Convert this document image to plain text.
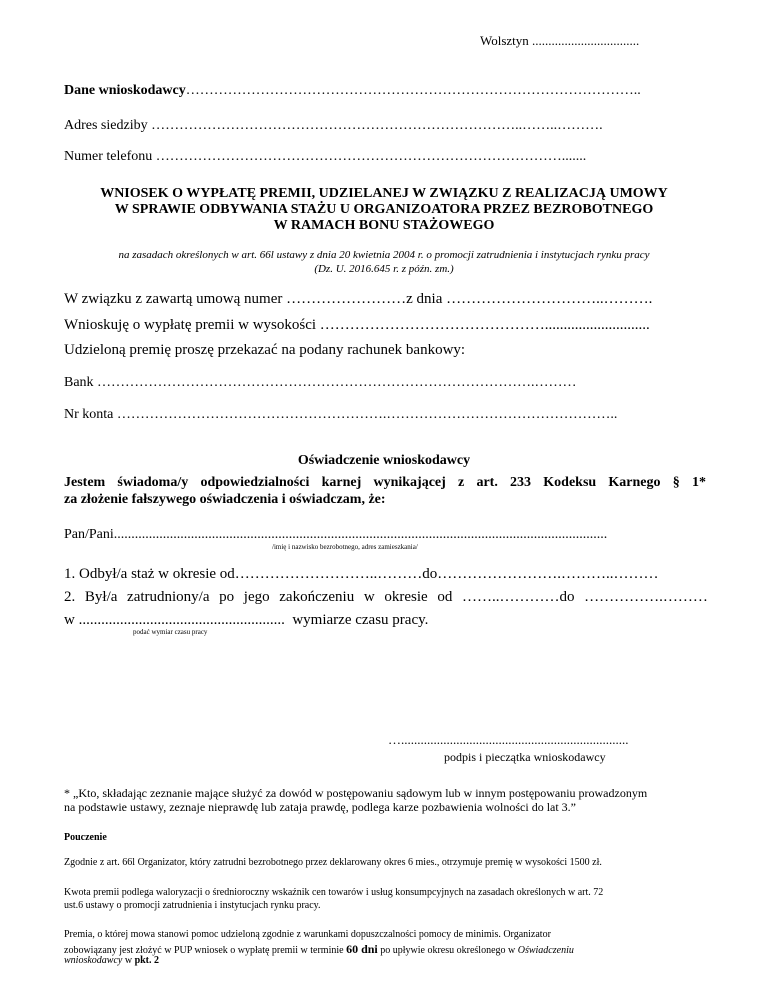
Wolsztyn .................................
Dane wnioskodawcy……………………………………………………………………………………..
Adres siedziby ……………………………………………………………………..……..……….
Numer telefonu …………………………………………………………………………….......
WNIOSEK O WYPŁATĘ PREMII, UDZIELANEJ W ZWIĄZKU Z REALIZACJĄ UMOWY
W SPRAWIE ODBYWANIA STAŻU U ORGANIZOATORA PRZEZ BEZROBOTNEGO
W RAMACH BONU STAŻOWEGO
na zasadach określonych w art. 66l ustawy z dnia 20 kwietnia 2004 r. o promocji zatrudnienia i instytucjach rynku pracy
(Dz. U. 2016.645 r. z późn. zm.)
W związku z zawartą umową numer ……………………z dnia …………………………..……….
Wnioskuję o wypłatę premii w wysokości ………………………………………............................
Udzieloną premię proszę przekazać na podany rachunek bankowy:
Bank ………………………………………………………………………………….………
Nr konta ………………………………………………….…………………………………………..
Oświadczenie wnioskodawcy
Jestem świadoma/y odpowiedzialności karnej wynikającej z art. 233 Kodeksu Karnego § 1*
za złożenie fałszywego oświadczenia i oświadczam, że:
Pan/Pani.............................................................................................................................................
/imię i nazwisko bezrobotnego, adres zamieszkania/
1. Odbył/a staż w okresie od………………………..………do…………………….………..………
2. Był/a zatrudniony/a po jego zakończeniu w okresie od ……..…………do …………….………
w ....................................................... wymiarze czasu pracy.
podać wymiar czasu pracy
…......................................................................
podpis i pieczątka wnioskodawcy
* „Kto, składając zeznanie mające służyć za dowód w postępowaniu sądowym lub w innym postępowaniu prowadzonym
na podstawie ustawy, zeznaje nieprawdę lub zataja prawdę, podlega karze pozbawienia wolności do lat 3.”
Pouczenie
Zgodnie z art. 66l Organizator, który zatrudni bezrobotnego przez deklarowany okres 6 mies., otrzymuje premię w wysokości 1500 zł.
Kwota premii podlega waloryzacji o średnioroczny wskaźnik cen towarów i usług konsumpcyjnych na zasadach określonych w art. 72
ust.6 ustawy o promocji zatrudnienia i instytucjach rynku pracy.
Premia, o której mowa stanowi pomoc udzieloną zgodnie z warunkami dopuszczalności pomocy de minimis. Organizator
zobowiązany jest złożyć w PUP wniosek o wypłatę premii w terminie 60 dni po upływie okresu określonego w Oświadczeniu
wnioskodawcy w pkt. 2
